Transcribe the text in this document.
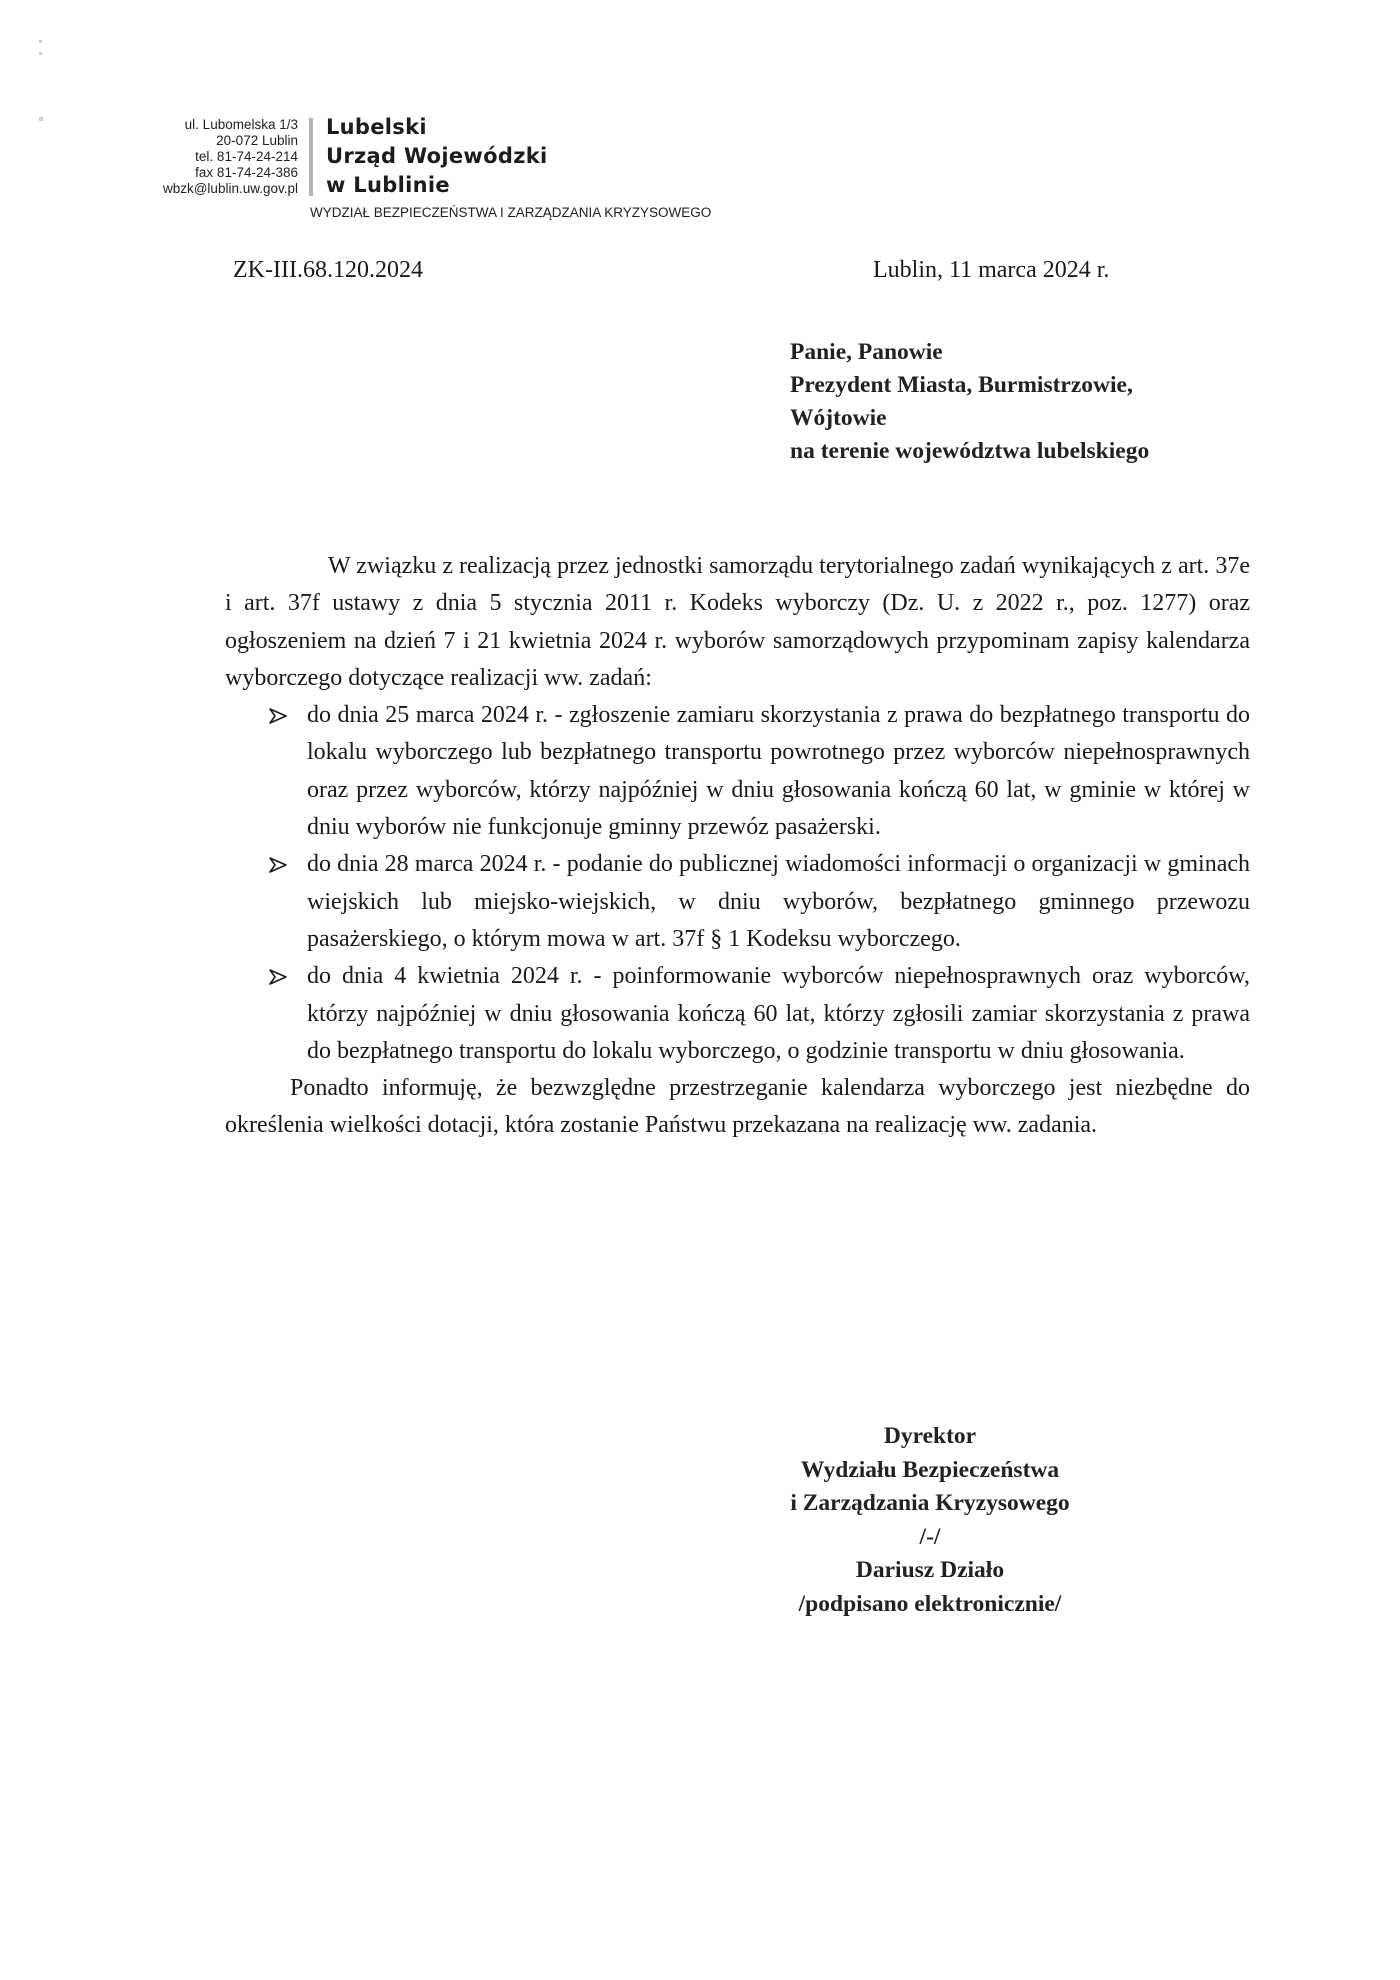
ul. Lubomelska 1/3
20-072 Lublin
tel. 81-74-24-214
fax 81-74-24-386
wbzk@lublin.uw.gov.pl
Lubelski
Urząd Wojewódzki
w Lublinie
WYDZIAŁ BEZPIECZEŃSTWA I ZARZĄDZANIA KRYZYSOWEGO
ZK-III.68.120.2024	Lublin, 11 marca 2024 r.
Panie, Panowie
Prezydent Miasta, Burmistrzowie,
Wójtowie
na terenie województwa lubelskiego

W związku z realizacją przez jednostki samorządu terytorialnego zadań wynikających z art. 37e i art. 37f ustawy z dnia 5 stycznia 2011 r. Kodeks wyborczy (Dz. U. z 2022 r., poz. 1277) oraz ogłoszeniem na dzień 7 i 21 kwietnia 2024 r. wyborów samorządowych przypominam zapisy kalendarza wyborczego dotyczące realizacji ww. zadań:

do dnia 25 marca 2024 r. - zgłoszenie zamiaru skorzystania z prawa do bezpłatnego transportu do lokalu wyborczego lub bezpłatnego transportu powrotnego przez wyborców niepełnosprawnych oraz przez wyborców, którzy najpóźniej w dniu głosowania kończą 60 lat, w gminie w której w dniu wyborów nie funkcjonuje gminny przewóz pasażerski.

do dnia 28 marca 2024 r. - podanie do publicznej wiadomości informacji o organizacji w gminach wiejskich lub miejsko-wiejskich, w dniu wyborów, bezpłatnego gminnego przewozu pasażerskiego, o którym mowa w art. 37f § 1 Kodeksu wyborczego.

do dnia 4 kwietnia 2024 r. - poinformowanie wyborców niepełnosprawnych oraz wyborców, którzy najpóźniej w dniu głosowania kończą 60 lat, którzy zgłosili zamiar skorzystania z prawa do bezpłatnego transportu do lokalu wyborczego, o godzinie transportu w dniu głosowania.

Ponadto informuję, że bezwzględne przestrzeganie kalendarza wyborczego jest niezbędne do określenia wielkości dotacji, która zostanie Państwu przekazana na realizację ww. zadania.

Dyrektor
Wydziału Bezpieczeństwa
i Zarządzania Kryzysowego
/-/
Dariusz Działo
/podpisano elektronicznie/
